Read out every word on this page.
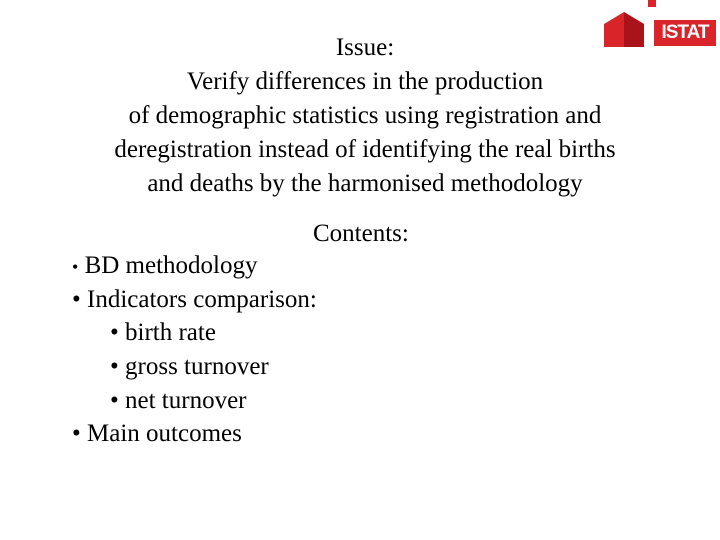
ISTAT
Issue:
Verify differences in the production
of demographic statistics using registration and
deregistration instead of identifying the real births
and deaths by the harmonised methodology
Contents:
• BD methodology
• Indicators comparison:
• birth rate
• gross turnover
• net turnover
• Main outcomes
